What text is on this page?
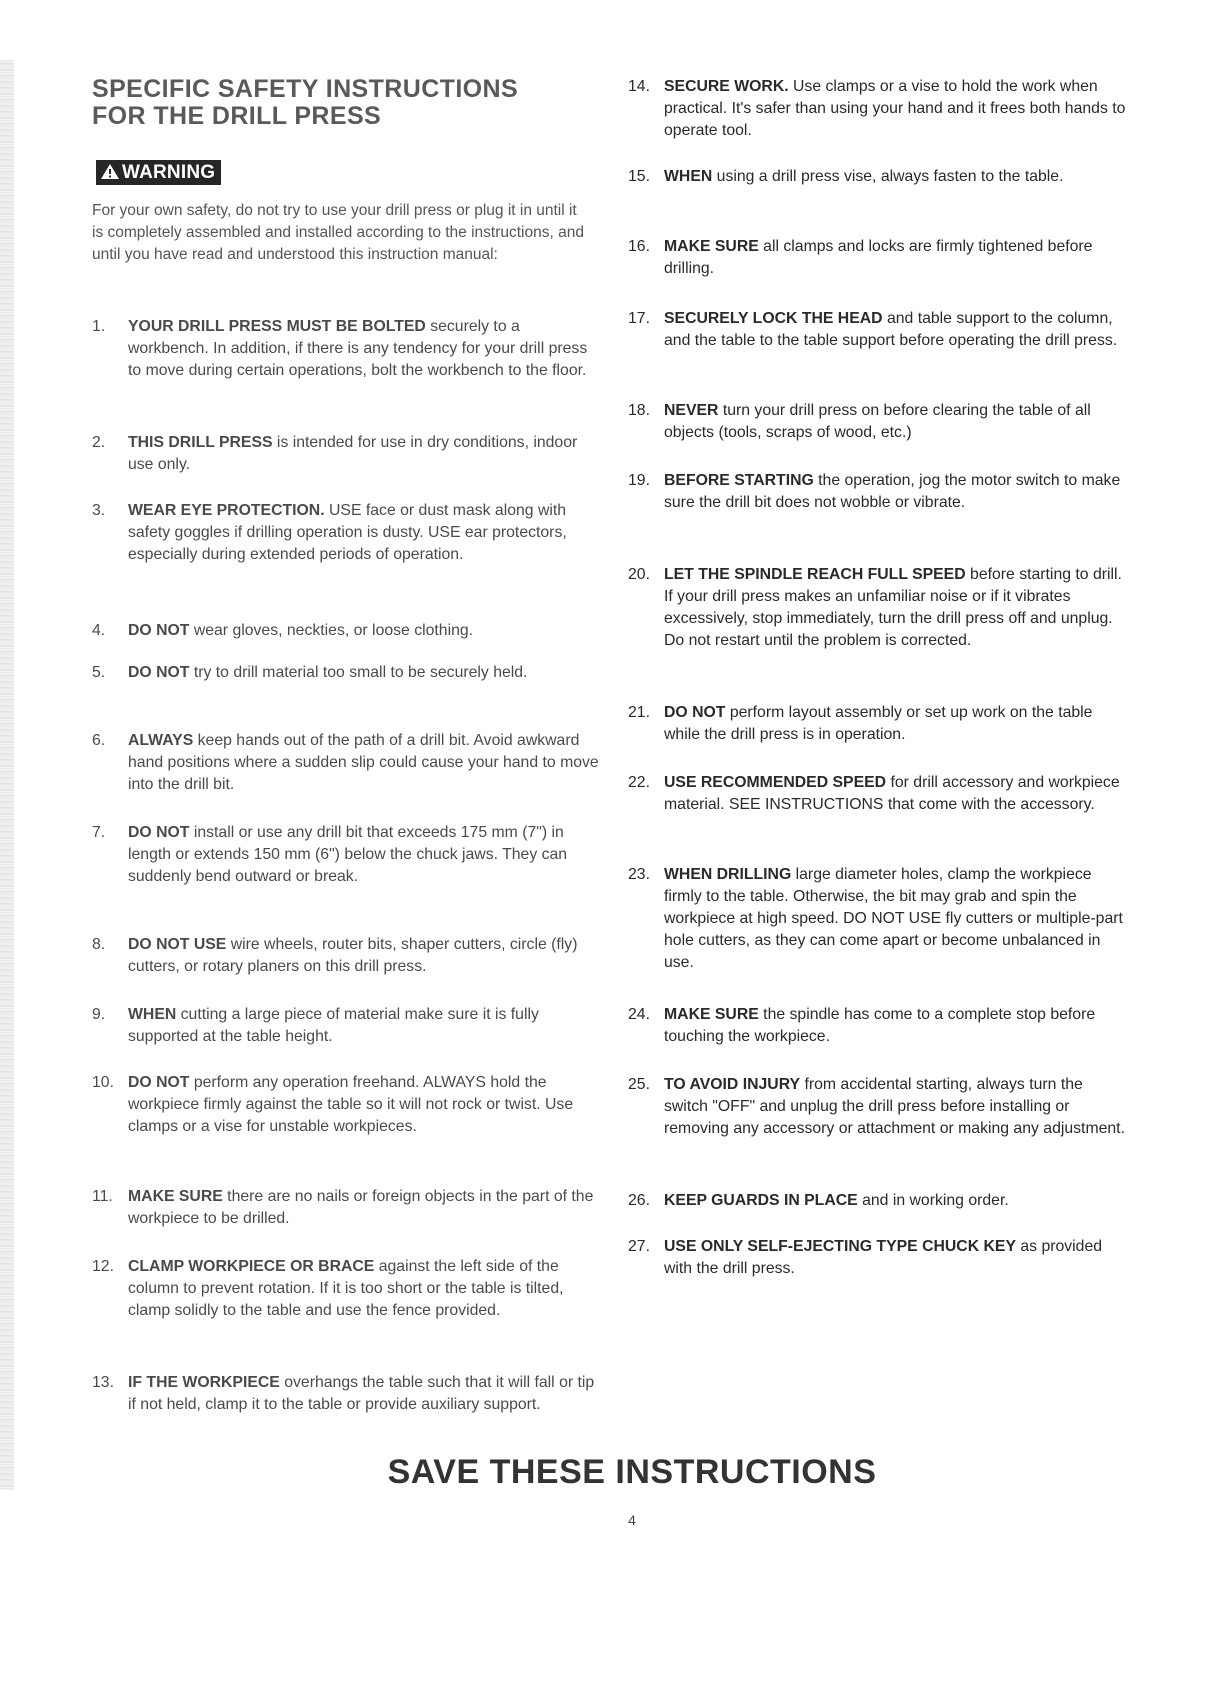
SPECIFIC SAFETY INSTRUCTIONS
FOR THE DRILL PRESS
WARNING

For your own safety, do not try to use your drill press or plug it in until it is completely assembled and installed according to the instructions, and until you have read and understood this instruction manual:

1.	YOUR DRILL PRESS MUST BE BOLTED securely to a workbench. In addition, if there is any tendency for your drill press to move during certain operations, bolt the workbench to the floor.
2.	THIS DRILL PRESS is intended for use in dry conditions, indoor use only.
3.	WEAR EYE PROTECTION. USE face or dust mask along with safety goggles if drilling operation is dusty. USE ear protectors, especially during extended periods of operation.
4.	DO NOT wear gloves, neckties, or loose clothing.
5.	DO NOT try to drill material too small to be securely held.
6.	ALWAYS keep hands out of the path of a drill bit. Avoid awkward hand positions where a sudden slip could cause your hand to move into the drill bit.
7.	DO NOT install or use any drill bit that exceeds 175 mm (7") in length or extends 150 mm (6") below the chuck jaws. They can suddenly bend outward or break.
8.	DO NOT USE wire wheels, router bits, shaper cutters, circle (fly) cutters, or rotary planers on this drill press.
9.	WHEN cutting a large piece of material make sure it is fully supported at the table height.
10. DO NOT perform any operation freehand. ALWAYS hold the workpiece firmly against the table so it will not rock or twist. Use clamps or a vise for unstable workpieces.
11. MAKE SURE there are no nails or foreign objects in the part of the workpiece to be drilled.
12. CLAMP WORKPIECE OR BRACE against the left side of the column to prevent rotation. If it is too short or the table is tilted, clamp solidly to the table and use the fence provided.
13. IF THE WORKPIECE overhangs the table such that it will fall or tip if not held, clamp it to the table or provide auxiliary support.
14. SECURE WORK. Use clamps or a vise to hold the work when practical. It's safer than using your hand and it frees both hands to operate tool.
15. WHEN using a drill press vise, always fasten to the table.
16. MAKE SURE all clamps and locks are firmly tightened before drilling.
17. SECURELY LOCK THE HEAD and table support to the column, and the table to the table support before operating the drill press.
18. NEVER turn your drill press on before clearing the table of all objects (tools, scraps of wood, etc.)
19. BEFORE STARTING the operation, jog the motor switch to make sure the drill bit does not wobble or vibrate.
20. LET THE SPINDLE REACH FULL SPEED before starting to drill. If your drill press makes an unfamiliar noise or if it vibrates excessively, stop immediately, turn the drill press off and unplug. Do not restart until the problem is corrected.
21. DO NOT perform layout assembly or set up work on the table while the drill press is in operation.
22. USE RECOMMENDED SPEED for drill accessory and workpiece material. SEE INSTRUCTIONS that come with the accessory.
23. WHEN DRILLING large diameter holes, clamp the workpiece firmly to the table. Otherwise, the bit may grab and spin the workpiece at high speed. DO NOT USE fly cutters or multiple-part hole cutters, as they can come apart or become unbalanced in use.
24. MAKE SURE the spindle has come to a complete stop before touching the workpiece.
25. TO AVOID INJURY from accidental starting, always turn the switch "OFF" and unplug the drill press before installing or removing any accessory or attachment or making any adjustment.
26. KEEP GUARDS IN PLACE and in working order.
27. USE ONLY SELF-EJECTING TYPE CHUCK KEY as provided with the drill press.
SAVE THESE INSTRUCTIONS
4
